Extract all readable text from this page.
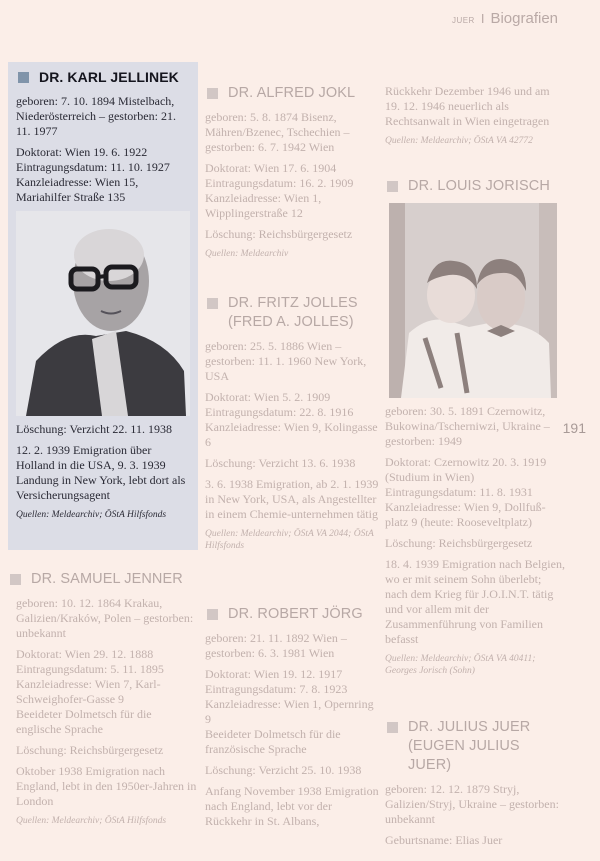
JUER I Biografien
191
DR. KARL JELLINEK

geboren: 7. 10. 1894 Mistelbach, Niederösterreich – gestorben: 21. 11. 1977

Doktorat: Wien 19. 6. 1922
Eintragungsdatum: 11. 10. 1927
Kanzleiadresse: Wien 15, Mariahilfer Straße 135

Löschung: Verzicht 22. 11. 1938

12. 2. 1939 Emigration über Holland in die USA, 9. 3. 1939 Landung in New York, lebt dort als Versicherungsagent

Quellen: Meldearchiv; ÖStA Hilfsfonds

DR. SAMUEL JENNER

geboren: 10. 12. 1864 Krakau, Galizien/Kraków, Polen – gestorben: unbekannt

Doktorat: Wien 29. 12. 1888
Eintragungsdatum: 5. 11. 1895
Kanzleiadresse: Wien 7, Karl-Schweighofer-Gasse 9
Beeideter Dolmetsch für die englische Sprache

Löschung: Reichsbürgergesetz

Oktober 1938 Emigration nach England, lebt in den 1950er-Jahren in London

Quellen: Meldearchiv; ÖStA Hilfsfonds

DR. ALFRED JOKL

geboren: 5. 8. 1874 Bisenz, Mähren/Bzenec, Tschechien – gestorben: 6. 7. 1942 Wien

Doktorat: Wien 17. 6. 1904
Eintragungsdatum: 16. 2. 1909
Kanzleiadresse: Wien 1, Wipplingerstraße 12

Löschung: Reichsbürgergesetz

Quellen: Meldearchiv

DR. FRITZ JOLLES (FRED A. JOLLES)

geboren: 25. 5. 1886 Wien – gestorben: 11. 1. 1960 New York, USA

Doktorat: Wien 5. 2. 1909
Eintragungsdatum: 22. 8. 1916
Kanzleiadresse: Wien 9, Kolingasse 6

Löschung: Verzicht 13. 6. 1938

3. 6. 1938 Emigration, ab 2. 1. 1939 in New York, USA, als Angestellter in einem Chemie-unternehmen tätig

Quellen: Meldearchiv; ÖStA VA 2044; ÖStA Hilfsfonds

DR. ROBERT JÖRG

geboren: 21. 11. 1892 Wien – gestorben: 6. 3. 1981 Wien

Doktorat: Wien 19. 12. 1917
Eintragungsdatum: 7. 8. 1923
Kanzleiadresse: Wien 1, Opernring 9
Beeideter Dolmetsch für die französische Sprache

Löschung: Verzicht 25. 10. 1938

Anfang November 1938 Emigration nach England, lebt vor der Rückkehr in St. Albans,

Rückkehr Dezember 1946 und am 19. 12. 1946 neuerlich als Rechtsanwalt in Wien eingetragen

Quellen: Meldearchiv; ÖStA VA 42772

DR. LOUIS JORISCH

geboren: 30. 5. 1891 Czernowitz, Bukowina/Tscherniwzi, Ukraine – gestorben: 1949

Doktorat: Czernowitz 20. 3. 1919 (Studium in Wien)
Eintragungsdatum: 11. 8. 1931
Kanzleiadresse: Wien 9, Dollfuß-platz 9 (heute: Rooseveltplatz)

Löschung: Reichsbürgergesetz

18. 4. 1939 Emigration nach Belgien, wo er mit seinem Sohn überlebt; nach dem Krieg für J.O.I.N.T. tätig und vor allem mit der Zusammenführung von Familien befasst

Quellen: Meldearchiv; ÖStA VA 40411; Georges Jorisch (Sohn)

DR. JULIUS JUER (EUGEN JULIUS JUER)

geboren: 12. 12. 1879 Stryj, Galizien/Stryj, Ukraine – gestorben: unbekannt

Geburtsname: Elias Juer
